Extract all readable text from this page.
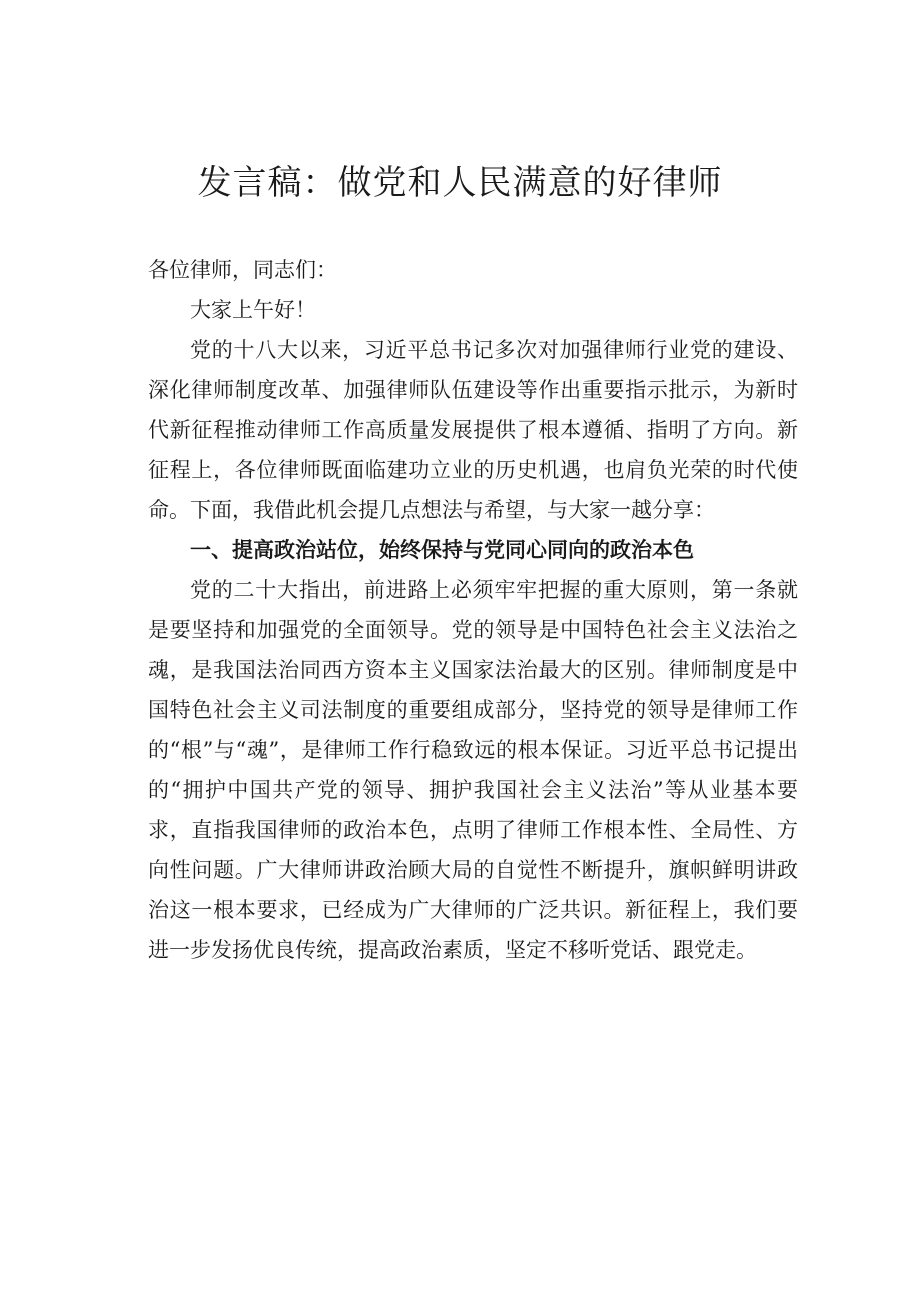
发言稿：做党和人民满意的好律师

各位律师，同志们：

大家上午好！

党的十八大以来，习近平总书记多次对加强律师行业党的建设、深化律师制度改革、加强律师队伍建设等作出重要指示批示，为新时代新征程推动律师工作高质量发展提供了根本遵循、指明了方向。新征程上，各位律师既面临建功立业的历史机遇，也肩负光荣的时代使命。下面，我借此机会提几点想法与希望，与大家一越分享：

一、提高政治站位，始终保持与党同心同向的政治本色

党的二十大指出，前进路上必须牢牢把握的重大原则，第一条就是要坚持和加强党的全面领导。党的领导是中国特色社会主义法治之魂，是我国法治同西方资本主义国家法治最大的区别。律师制度是中国特色社会主义司法制度的重要组成部分，坚持党的领导是律师工作的“根”与“魂”，是律师工作行稳致远的根本保证。习近平总书记提出的“拥护中国共产党的领导、拥护我国社会主义法治”等从业基本要求，直指我国律师的政治本色，点明了律师工作根本性、全局性、方向性问题。广大律师讲政治顾大局的自觉性不断提升，旗帜鲜明讲政治这一根本要求，已经成为广大律师的广泛共识。新征程上，我们要进一步发扬优良传统，提高政治素质，坚定不移听党话、跟党走。
